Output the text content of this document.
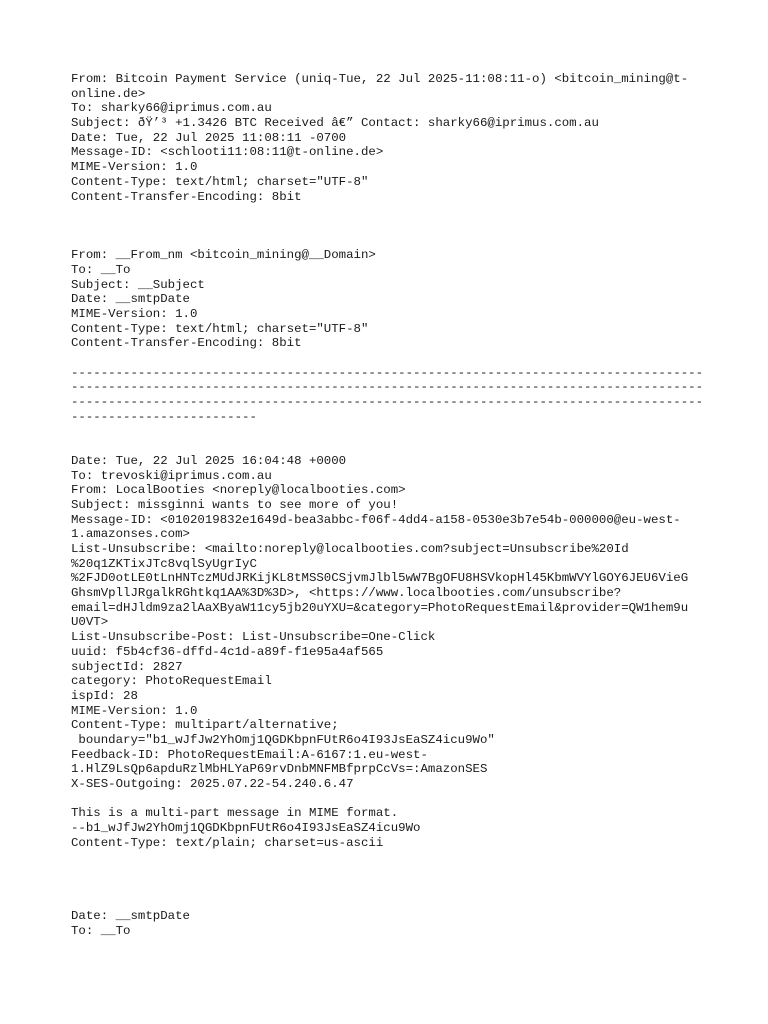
From: Bitcoin Payment Service (uniq-Tue, 22 Jul 2025-11:08:11-o) <bitcoin_mining@t-
online.de>
To: sharky66@iprimus.com.au
Subject: ðŸ’³ +1.3426 BTC Received â€” Contact: sharky66@iprimus.com.au
Date: Tue, 22 Jul 2025 11:08:11 -0700
Message-ID: <schlooti11:08:11@t-online.de>
MIME-Version: 1.0
Content-Type: text/html; charset="UTF-8"
Content-Transfer-Encoding: 8bit
From: __From_nm <bitcoin_mining@__Domain>
To: __To
Subject: __Subject
Date: __smtpDate
MIME-Version: 1.0
Content-Type: text/html; charset="UTF-8"
Content-Transfer-Encoding: 8bit
-------------------------------------------------------------------------------------
-------------------------------------------------------------------------------------
-------------------------------------------------------------------------------------
-------------------------
Date: Tue, 22 Jul 2025 16:04:48 +0000
To: trevoski@iprimus.com.au
From: LocalBooties <noreply@localbooties.com>
Subject: missginni wants to see more of you!
Message-ID: <0102019832e1649d-bea3abbc-f06f-4dd4-a158-0530e3b7e54b-000000@eu-west-
1.amazonses.com>
List-Unsubscribe: <mailto:noreply@localbooties.com?subject=Unsubscribe%20Id
%20q1ZKTixJTc8vqlSyUgrIyC
%2FJD0otLE0tLnHNTczMUdJRKijKL8tMSS0CSjvmJlbl5wW7BgOFU8HSVkopHl45KbmWVYlGOY6JEU6VieG
GhsmVpllJRgalkRGhtkq1AA%3D%3D>, <https://www.localbooties.com/unsubscribe?
email=dHJldm9za2lAaXByaW11cy5jb20uYXU=&category=PhotoRequestEmail&provider=QW1hem9u
U0VT>
List-Unsubscribe-Post: List-Unsubscribe=One-Click
uuid: f5b4cf36-dffd-4c1d-a89f-f1e95a4af565
subjectId: 2827
category: PhotoRequestEmail
ispId: 28
MIME-Version: 1.0
Content-Type: multipart/alternative;
boundary="b1_wJfJw2YhOmj1QGDKbpnFUtR6o4I93JsEaSZ4icu9Wo"
Feedback-ID: PhotoRequestEmail:A-6167:1.eu-west-
1.HlZ9LsQp6apduRzlMbHLYaP69rvDnbMNFMBfprpCcVs=:AmazonSES
X-SES-Outgoing: 2025.07.22-54.240.6.47
This is a multi-part message in MIME format.
--b1_wJfJw2YhOmj1QGDKbpnFUtR6o4I93JsEaSZ4icu9Wo
Content-Type: text/plain; charset=us-ascii
Date: __smtpDate
To: __To
